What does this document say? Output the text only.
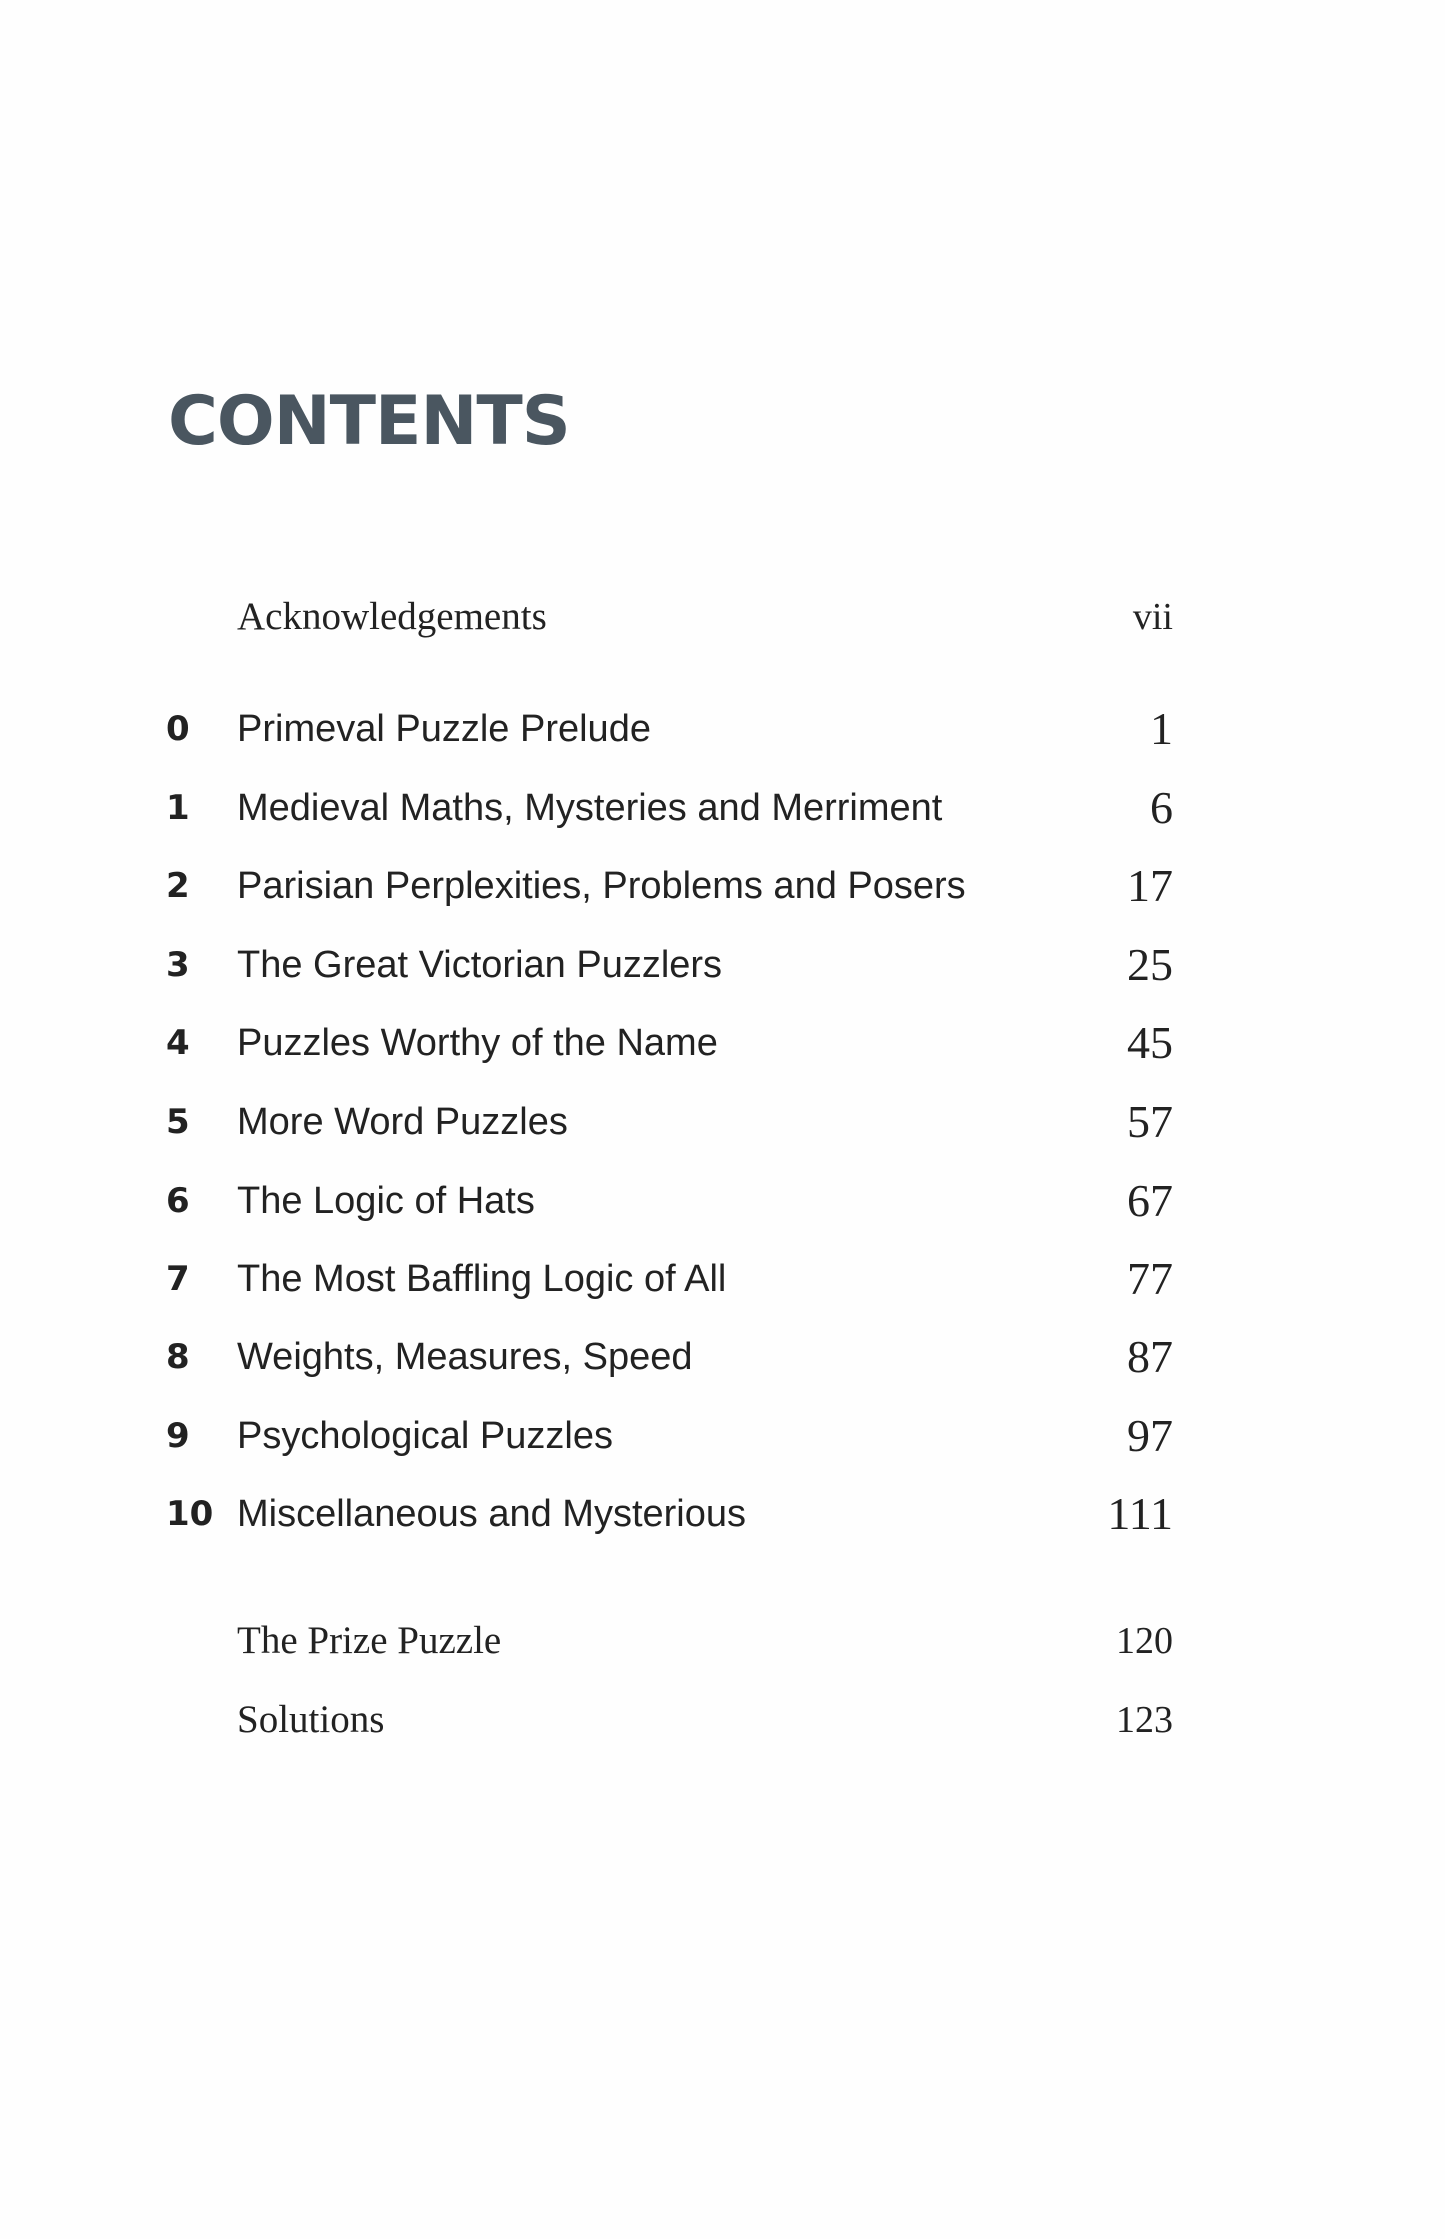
CONTENTS
Acknowledgements	vii
0 Primeval Puzzle Prelude	1
1 Medieval Maths, Mysteries and Merriment	6
2 Parisian Perplexities, Problems and Posers	17
3 The Great Victorian Puzzlers	25
4 Puzzles Worthy of the Name	45
5 More Word Puzzles	57
6 The Logic of Hats	67
7 The Most Baffling Logic of All	77
8 Weights, Measures, Speed	87
9 Psychological Puzzles	97
10 Miscellaneous and Mysterious	111
The Prize Puzzle	120
Solutions	123
